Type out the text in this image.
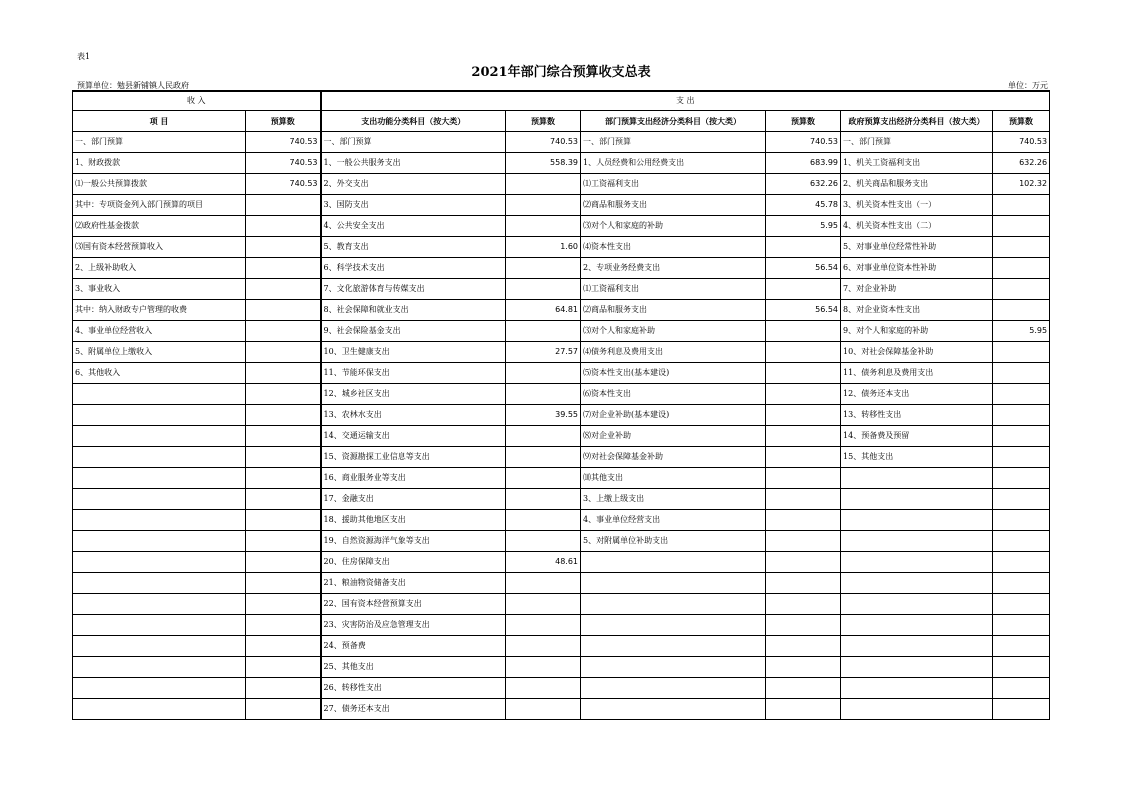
表1
2021年部门综合预算收支总表
预算单位：勉县新铺镇人民政府	单位：万元
收 入		支 出					
项 目	预算数	支出功能分类科目（按大类）	预算数	部门预算支出经济分类科目（按大类）	预算数	政府预算支出经济分类科目（按大类）	预算数
一、部门预算	740.53	一、部门预算	740.53	一、部门预算	740.53	一、部门预算	740.53
1、财政拨款	740.53	1、一般公共服务支出	558.39	1、人员经费和公用经费支出	683.99	1、机关工资福利支出	632.26
⑴一般公共预算拨款	740.53	2、外交支出		⑴工资福利支出	632.26	2、机关商品和服务支出	102.32
其中：专项资金列入部门预算的项目		3、国防支出		⑵商品和服务支出	45.78	3、机关资本性支出（一）	
⑵政府性基金拨款		4、公共安全支出		⑶对个人和家庭的补助	5.95	4、机关资本性支出（二）	
⑶国有资本经营预算收入		5、教育支出	1.60	⑷资本性支出		5、对事业单位经常性补助	
2、上级补助收入		6、科学技术支出		2、专项业务经费支出	56.54	6、对事业单位资本性补助	
3、事业收入		7、文化旅游体育与传媒支出		⑴工资福利支出		7、对企业补助	
其中：纳入财政专户管理的收费		8、社会保障和就业支出	64.81	⑵商品和服务支出	56.54	8、对企业资本性支出	
4、事业单位经营收入		9、社会保险基金支出		⑶对个人和家庭补助		9、对个人和家庭的补助	5.95
5、附属单位上缴收入		10、卫生健康支出	27.57	⑷债务利息及费用支出		10、对社会保障基金补助	
6、其他收入		11、节能环保支出		⑸资本性支出(基本建设)		11、债务利息及费用支出	
		12、城乡社区支出		⑹资本性支出		12、债务还本支出	
		13、农林水支出	39.55	⑺对企业补助(基本建设)		13、转移性支出	
		14、交通运输支出		⑻对企业补助		14、预备费及预留	
		15、资源勘探工业信息等支出		⑼对社会保障基金补助		15、其他支出	
		16、商业服务业等支出		⑽其他支出			
		17、金融支出		3、上缴上级支出			
		18、援助其他地区支出		4、事业单位经营支出			
		19、自然资源海洋气象等支出		5、对附属单位补助支出			
		20、住房保障支出	48.61				
		21、粮油物资储备支出					
		22、国有资本经营预算支出					
		23、灾害防治及应急管理支出					
		24、预备费					
		25、其他支出					
		26、转移性支出					
		27、债务还本支出					
